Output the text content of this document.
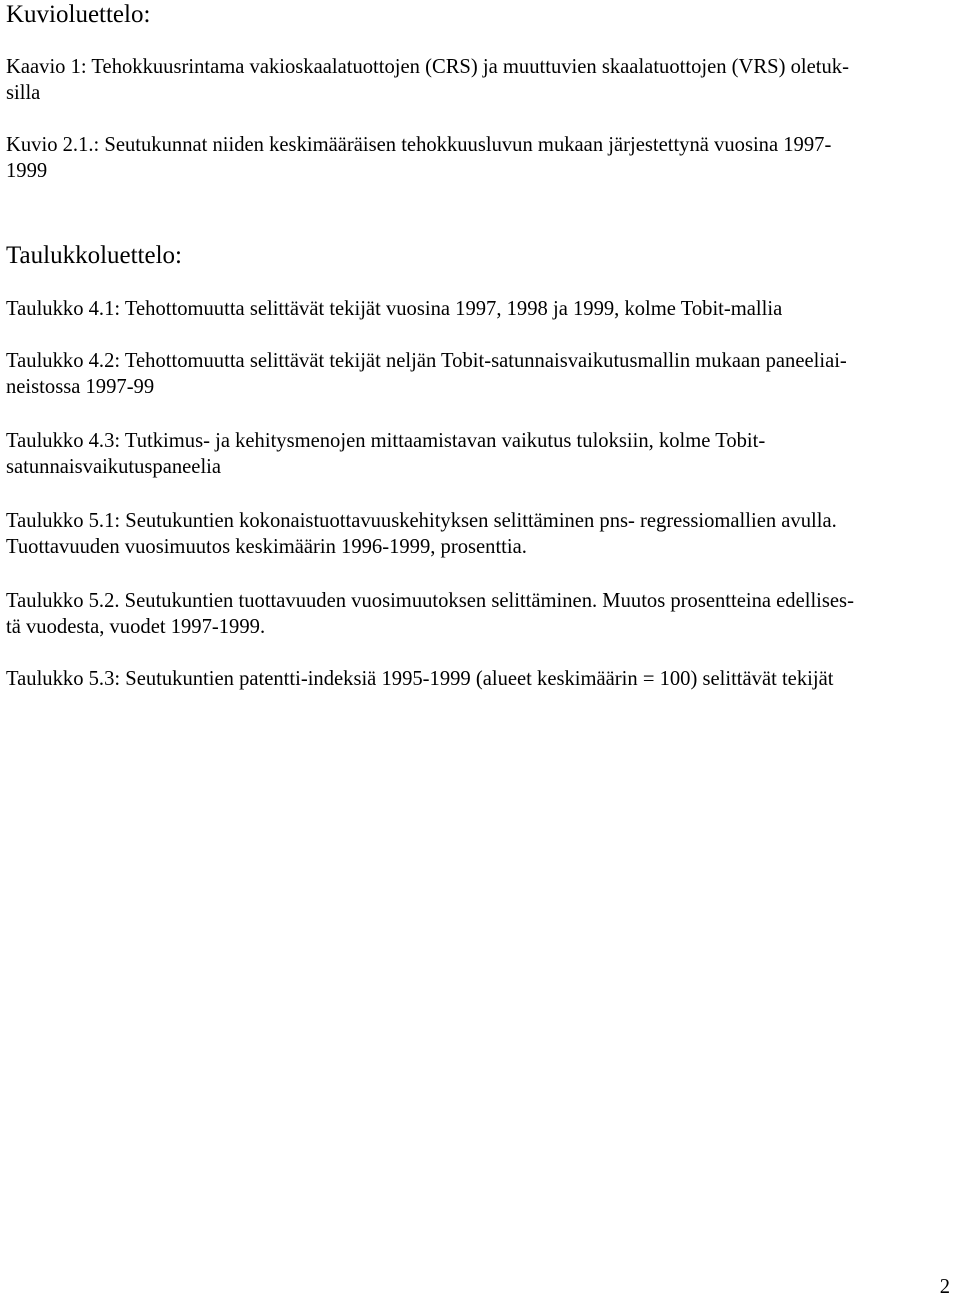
Kuvioluettelo:

Kaavio 1: Tehokkuusrintama vakioskaalatuottojen (CRS) ja muuttuvien skaalatuottojen (VRS) oletuk-
silla

Kuvio 2.1.: Seutukunnat niiden keskimääräisen tehokkuusluvun mukaan järjestettynä vuosina 1997-
1999

Taulukkoluettelo:

Taulukko 4.1: Tehottomuutta selittävät tekijät vuosina 1997, 1998 ja 1999, kolme Tobit-mallia

Taulukko 4.2: Tehottomuutta selittävät tekijät neljän Tobit-satunnaisvaikutusmallin mukaan paneeliai-
neistossa 1997-99

Taulukko 4.3: Tutkimus- ja kehitysmenojen mittaamistavan vaikutus tuloksiin, kolme Tobit-
satunnaisvaikutuspaneelia

Taulukko 5.1: Seutukuntien kokonaistuottavuuskehityksen selittäminen pns- regressiomallien avulla.
Tuottavuuden vuosimuutos keskimäärin 1996-1999, prosenttia.

Taulukko 5.2. Seutukuntien tuottavuuden vuosimuutoksen selittäminen. Muutos prosentteina edellises-
tä vuodesta, vuodet 1997-1999.

Taulukko 5.3: Seutukuntien patentti-indeksiä 1995-1999 (alueet keskimäärin = 100) selittävät tekijät

2
